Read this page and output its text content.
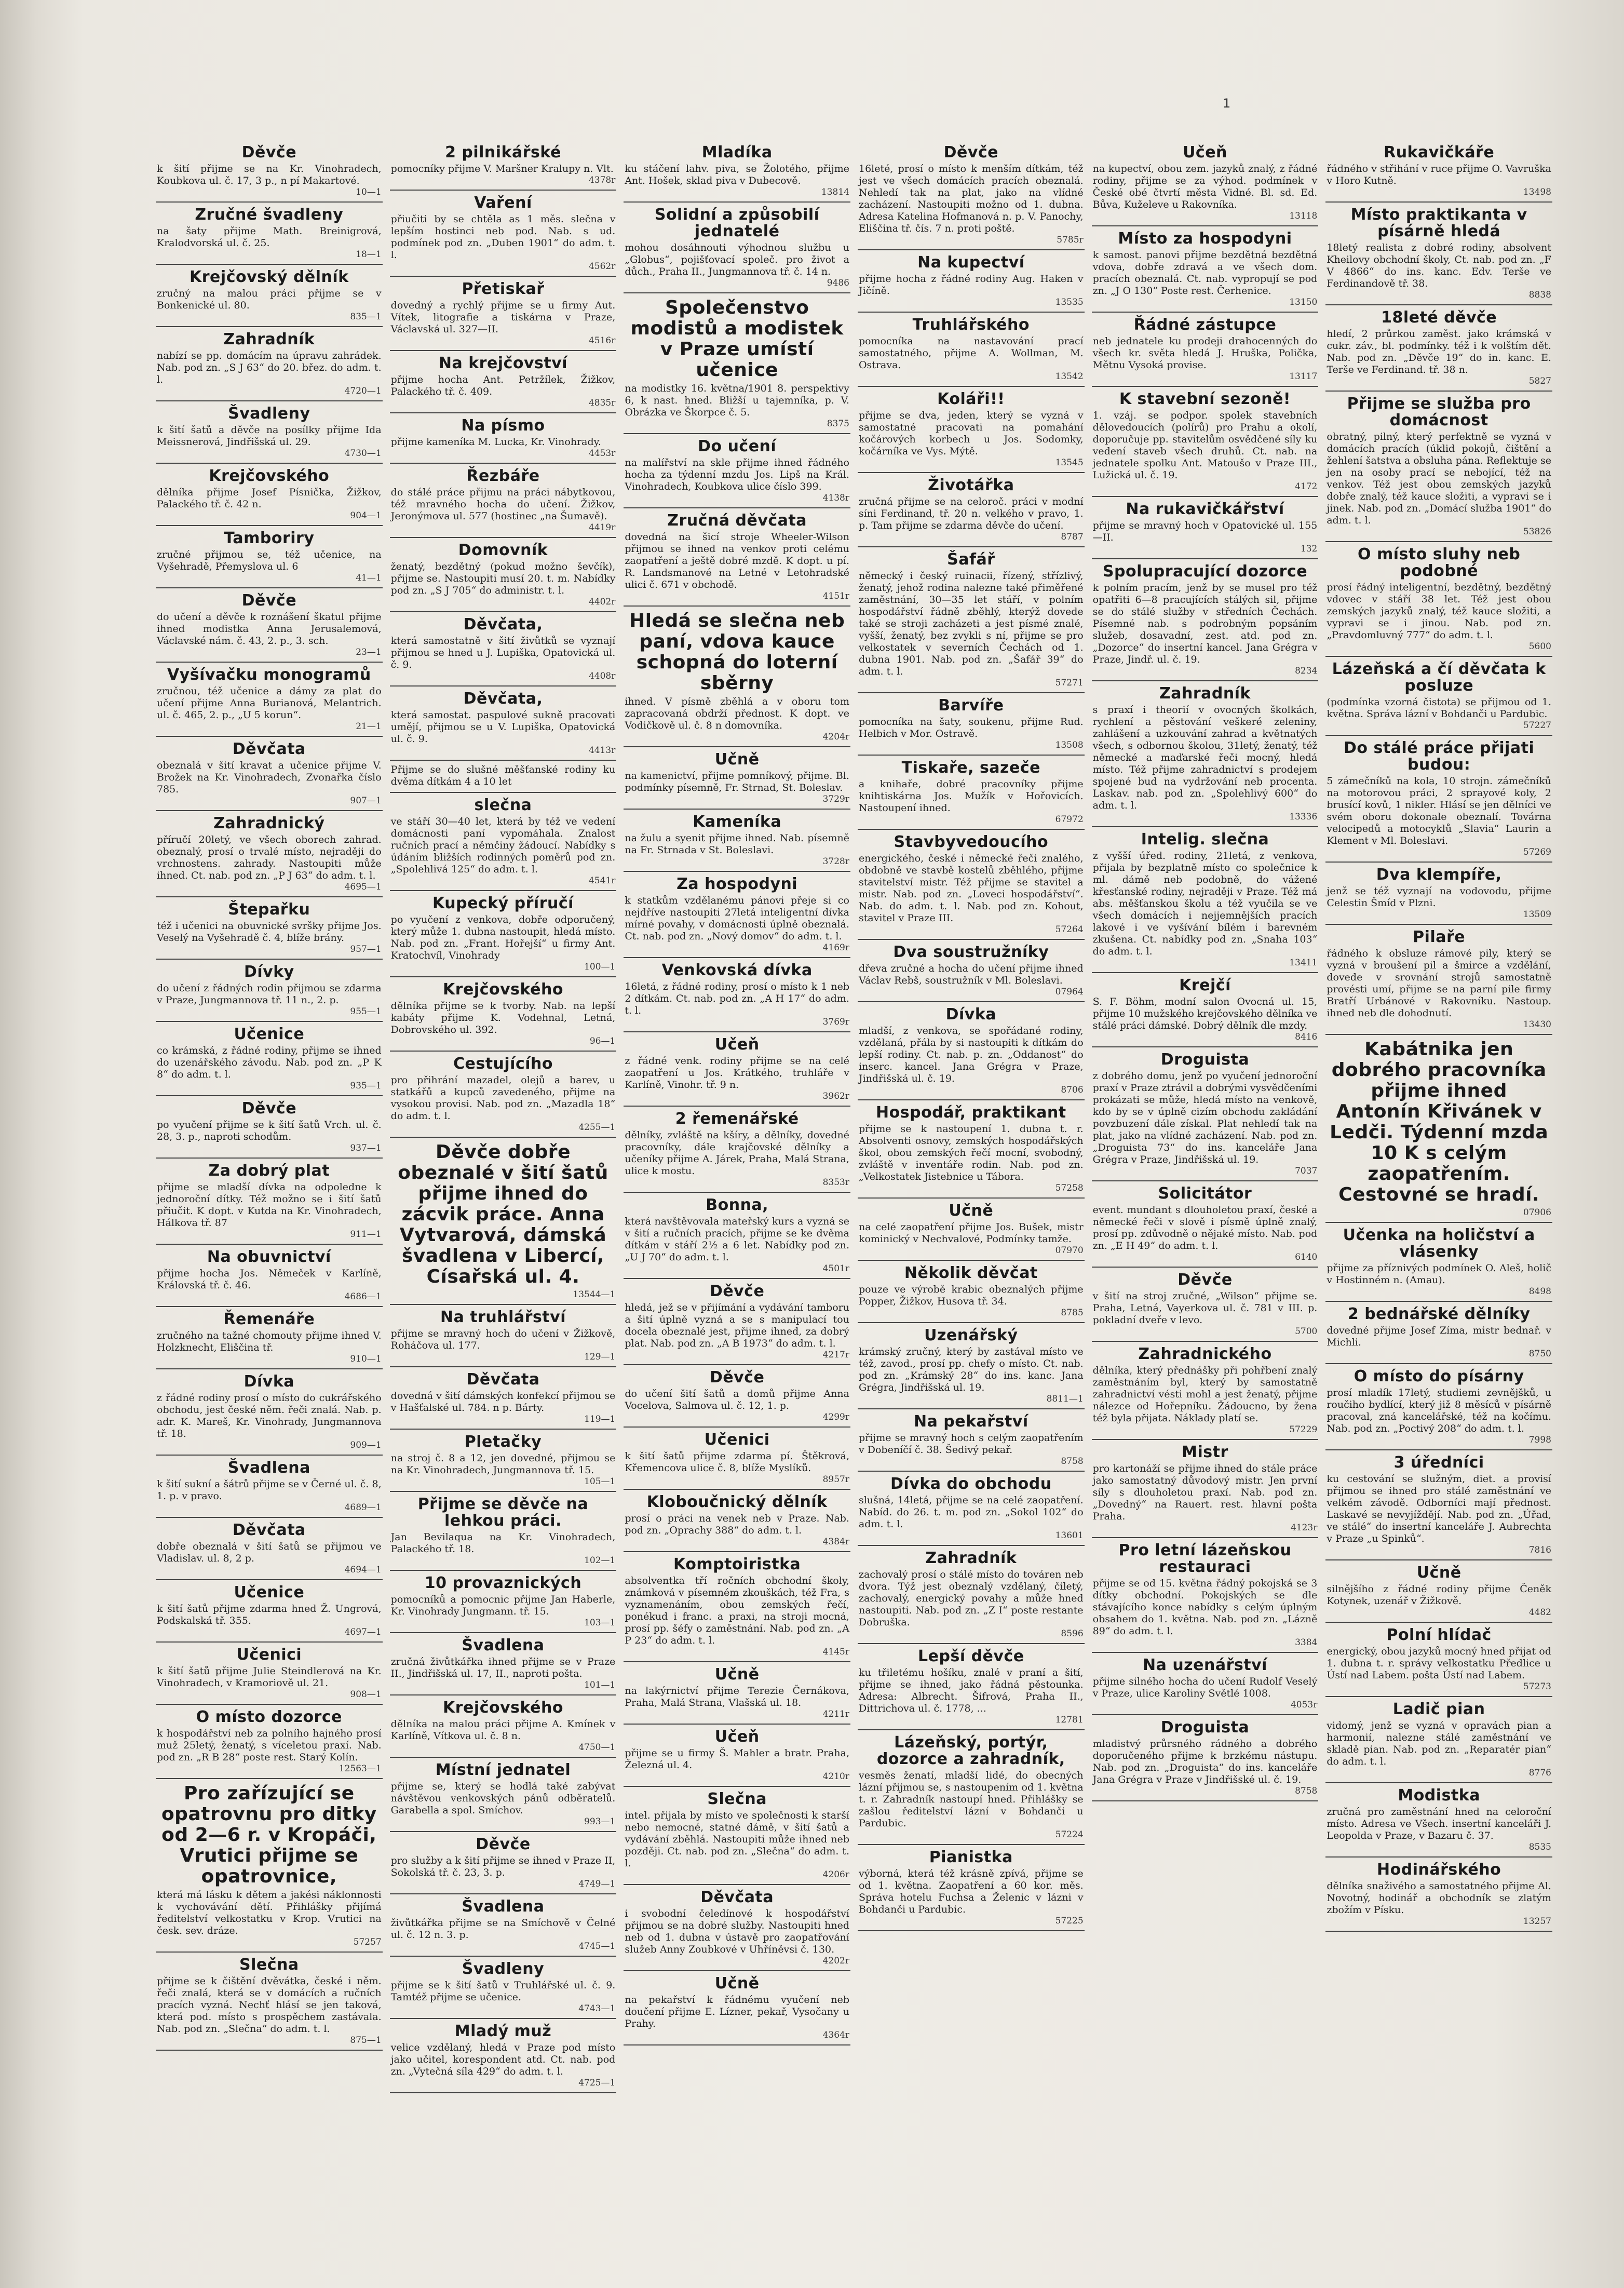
1
Děvče

k šití přijme se na Kr. Vinohradech, Koubkova ul. č. 17, 3 p., n pí Makartové.

10—1
Zručné švadleny

na šaty přijme Math. Breinigrová, Kralodvorská ul. č. 25.

18—1
Krejčovský dělník

zručný na malou práci přijme se v Bonkenické ul. 80.

835—1
Zahradník

nabízí se pp. domácím na úpravu zahrádek. Nab. pod zn. „S J 63“ do 20. břez. do adm. t. l.

4720—1
Švadleny

k šití šatů a děvče na posílky přijme Ida Meissnerová, Jindřišská ul. 29.

4730—1
Krejčovského

dělníka přijme Josef Písnička, Žižkov, Palackého tř. č. 42 n.

904—1
Tamboriry

zručné přijmou se, též učenice, na Vyšehradě, Přemyslova ul. 6

41—1
Děvče

do učení a děvče k roznášení škatul přijme ihned modistka Anna Jerusalemová, Václavské nám. č. 43, 2. p., 3. sch.

23—1
Vyšívačku monogramů

zručnou, též učenice a dámy za plat do učení přijme Anna Burianová, Melantrich. ul. č. 465, 2. p., „U 5 korun“.

21—1
Děvčata

obeznalá v šití kravat a učenice přijme V. Brožek na Kr. Vinohradech, Zvonařka číslo 785.

907—1
Zahradnický

příručí 20letý, ve všech oborech zahrad. obeznalý, prosí o trvalé místo, nejraději do vrchnostens. zahrady. Nastoupiti může ihned. Ct. nab. pod zn. „P J 63“ do adm. t. l.

4695—1
Štepařku

též i učenici na obuvnické svršky přijme Jos. Veselý na Vyšehradě č. 4, blíže brány.

957—1
Dívky

do učení z řádných rodin přijmou se zdarma v Praze, Jungmannova tř. 11 n., 2. p.

955—1
Učenice

co krámská, z řádné rodiny, přijme se ihned do uzenářského závodu. Nab. pod zn. „P K 8“ do adm. t. l.

935—1
Děvče

po vyučení přijme se k šití šatů Vrch. ul. č. 28, 3. p., naproti schodům.

937—1
Za dobrý plat

přijme se mladší dívka na odpoledne k jednoroční dítky. Též možno se i šití šatů přiučit. K dopt. v Kutda na Kr. Vinohradech, Hálkova tř. 87

911—1
Na obuvnictví

přijme hocha Jos. Němeček v Karlíně, Královská tř. č. 46.

4686—1
Řemenáře

zručného na tažné chomouty přijme ihned V. Holzknecht, Eliščina tř.

910—1
Dívka

z řádné rodiny prosí o místo do cukrářského obchodu, jest české něm. řeči znalá. Nab. p. adr. K. Mareš, Kr. Vinohrady, Jungmannova tř. 18.

909—1
Švadlena

k šití sukní a šátrů přijme se v Černé ul. č. 8, 1. p. v pravo.

4689—1
Děvčata

dobře obeznalá v šití šatů se přijmou ve Vladislav. ul. 8, 2 p.

4694—1
Učenice

k šití šatů přijme zdarma hned Ž. Ungrová, Podskalská tř. 355.

4697—1
Učenici

k šití šatů přijme Julie Steindlerová na Kr. Vinohradech, v Kramoriově ul. 21.

908—1
O místo dozorce

k hospodářství neb za polního hajného prosí muž 25letý, ženatý, s víceletou praxí. Nab. pod zn. „R B 28“ poste rest. Starý Kolín.

12563—1
Pro zařízující se opatrovnu pro ditky od 2—6 r. v Kropáči, Vrutici přijme se opatrovnice,

která má lásku k dětem a jakési náklonnosti k vychovávání dětí. Přihlášky přijímá ředitelství velkostatku v Krop. Vrutici na česk. sev. dráze.

57257
Slečna

přijme se k čištění dvěvátka, české i něm. řeči znalá, která se v domácích a ručních pracích vyzná. Nechť hlásí se jen taková, která pod. místo s prospěchem zastávala. Nab. pod zn. „Slečna“ do adm. t. l.

875—1
2 pilnikářské

pomocníky přijme V. Maršner Kralupy n. Vlt.

4378r
Vaření

přiučiti by se chtěla as 1 měs. slečna v lepším hostinci neb pod. Nab. s ud. podmínek pod zn. „Duben 1901“ do adm. t. l.

4562r
Přetiskař

dovedný a rychlý přijme se u firmy Aut. Vítek, litografie a tiskárna v Praze, Václavská ul. 327—II.

4516r
Na krejčovství

přijme hocha Ant. Petržílek, Žižkov, Palackého tř. č. 409.

4835r
Na písmo

přijme kameníka M. Lucka, Kr. Vinohrady.

4453r
Řezbáře

do stálé práce přijmu na práci nábytkovou, též mravného hocha do učení. Žižkov, Jeronýmova ul. 577 (hostinec „na Šumavě).

4419r
Domovník

ženatý, bezdětný (pokud možno ševčík), přijme se. Nastoupiti musí 20. t. m. Nabídky pod zn. „S J 705“ do administr. t. l.

4402r
Děvčata,

která samostatně v šití živůtků se vyznají přijmou se hned u J. Lupiška, Opatovická ul. č. 9.

4408r
Děvčata,

která samostat. paspulové sukně pracovati umějí, přijmou se u V. Lupiška, Opatovická ul. č. 9.

4413r

Přijme se do slušné měšťanské rodiny ku dvěma dítkám 4 a 10 let

slečna

ve stáří 30—40 let, která by též ve vedení domácnosti paní vypomáhala. Znalost ručních prací a němčiny žádoucí. Nabídky s údáním bližších rodinných poměrů pod zn. „Spolehlivá 125“ do adm. t. l.

4541r
Kupecký příručí

po vyučení z venkova, dobře odporučený, který může 1. dubna nastoupit, hledá místo. Nab. pod zn. „Frant. Hořejší“ u firmy Ant. Kratochvíl, Vinohrady

100—1
Krejčovského

dělníka přijme se k tvorby. Nab. na lepší kabáty přijme K. Vodehnal, Letná, Dobrovského ul. 392.

96—1
Cestujícího

pro přihrání mazadel, olejů a barev, u statkářů a kupců zavedeného, přijme na vysokou provisi. Nab. pod zn. „Mazadla 18“ do adm. t. l.

4255—1
Děvče dobře obeznalé v šití šatů přijme ihned do zácvik práce. Anna Vytvarová, dámská švadlena v Libercí, Císařská ul. 4.
13544—1
Na truhlářství

přijme se mravný hoch do učení v Žižkově, Roháčova ul. 177.

129—1
Děvčata

dovedná v šití dámských konfekcí přijmou se v Hašťalské ul. 784. n p. Bárty.

119—1
Pletačky

na stroj č. 8 a 12, jen dovedné, přijmou se na Kr. Vinohradech, Jungmannova tř. 15.

105—1
Přijme se děvče na lehkou práci.

Jan Bevilaqua na Kr. Vinohradech, Palackého tř. 18.

102—1
10 provaznických

pomocníků a pomocnic přijme Jan Haberle, Kr. Vinohrady Jungmann. tř. 15.

103—1
Švadlena

zručná živůtkářka ihned přijme se v Praze II., Jindřišská ul. 17, II., naproti pošta.

101—1
Krejčovského

dělníka na malou práci přijme A. Kmínek v Karlíně, Vítkova ul. č. 8 n.

4750—1
Místní jednatel

přijme se, který se hodlá také zabývat návštěvou venkovských pánů odběratelů. Garabella a spol. Smíchov.

993—1
Děvče

pro služby a k šití přijme se ihned v Praze II, Sokolská tř. č. 23, 3. p.

4749—1
Švadlena

živůtkářka přijme se na Smíchově v Čelné ul. č. 12 n. 3. p.

4745—1
Švadleny

přijme se k šití šatů v Truhlářské ul. č. 9. Tamtéž přijme se učenice.

4743—1
Mladý muž

velice vzdělaný, hledá v Praze pod místo jako učitel, korespondent atd. Ct. nab. pod zn. „Vytečná síla 429“ do adm. t. l.

4725—1
Mladíka

ku stáčení lahv. piva, se Žolotého, přijme Ant. Hošek, sklad piva v Dubecově.

13814
Solidní a způsobilí jednatelé

mohou dosáhnouti výhodnou službu u „Globus“, pojišťovací společ. pro život a důch., Praha II., Jungmannova tř. č. 14 n.

9486
Společenstvo modistů a modistek v Praze umístí učenice

na modistky 16. května/1901 8. perspektivy 6, k nast. hned. Bližší u tajemníka, p. V. Obrázka ve Škorpce č. 5.

8375
Do učení

na malířství na skle přijme ihned řádného hocha za týdenní mzdu Jos. Lipš na Král. Vinohradech, Koubkova ulice číslo 399.

4138r
Zručná děvčata

dovedná na šicí stroje Wheeler-Wilson přijmou se ihned na venkov proti celému zaopatření a ještě dobré mzdě. K dopt. u pí. R. Landsmanové na Letné v Letohradské ulici č. 671 v obchodě.

4151r
Hledá se slečna neb paní, vdova kauce schopná do loterní sběrny

ihned. V písmě zběhlá a v oboru tom zapracovaná obdrží přednost. K dopt. ve Vodičkově ul. č. 8 n domovníka.

4204r
Učně

na kamenictví, přijme pomníkový, přijme. Bl. podmínky písemně, Fr. Strnad, St. Boleslav.

3729r
Kameníka

na žulu a syenit přijme ihned. Nab. písemně na Fr. Strnada v St. Boleslavi.

3728r
Za hospodyni

k statkům vzdělanému pánovi přeje si co nejdříve nastoupiti 27letá inteligentní dívka mírné povahy, v domácnosti úplně obeznalá. Ct. nab. pod zn. „Nový domov“ do adm. t. l.

4169r
Venkovská dívka

16letá, z řádné rodiny, prosí o místo k 1 neb 2 dítkám. Ct. nab. pod zn. „A H 17“ do adm. t. l.

3769r
Učeň

z řádné venk. rodiny přijme se na celé zaopatření u Jos. Krátkého, truhláře v Karlíně, Vinohr. tř. 9 n.

3962r
2 řemenářské

dělníky, zvláště na kšíry, a dělníky, dovedné pracovníky, dále krajčovské dělníky a učeníky přijme A. Járek, Praha, Malá Strana, ulice k mostu.

8353r
Bonna,

která navštěvovala mateřský kurs a vyzná se v šití a ručních pracích, přijme se ke dvěma dítkám v stáří 2½ a 6 let. Nabídky pod zn. „U J 70“ do adm. t. l.

4501r
Děvče

hledá, jež se v přijímání a vydávání tamboru a šití úplně vyzná a se s manipulací tou docela obeznalé jest, přijme ihned, za dobrý plat. Nab. pod zn. „A B 1973“ do adm. t. l.

4217r
Děvče

do učení šití šatů a domů přijme Anna Vocelova, Salmova ul. č. 12, 1. p.

4299r
Učenici

k šití šatů přijme zdarma pí. Štěkrová, Křemencova ulice č. 8, blíže Myslíků.

8957r
Kloboučnický dělník

prosí o práci na venek neb v Praze. Nab. pod zn. „Oprachy 388“ do adm. t. l.

4384r
Komptoiristka

absolventka tří ročních obchodní školy, známková v písemném zkouškách, též Fra, s vyznamenáním, obou zemských řečí, ponékud i franc. a praxi, na stroji mocná, prosí pp. šéfy o zaměstnání. Nab. pod zn. „A P 23“ do adm. t. l.

4145r
Učně

na lakýrnictví přijme Terezie Černákova, Praha, Malá Strana, Vlašská ul. 18.

4211r
Učeň

přijme se u firmy Š. Mahler a bratr. Praha, Železná ul. 4.

4210r
Slečna

intel. přijala by místo ve společnosti k starší nebo nemocné, statné dámě, v šití šatů a vydávání zběhlá. Nastoupiti může ihned neb později. Ct. nab. pod zn. „Slečna“ do adm. t. l.

4206r
Děvčata

i svobodní čeledínové k hospodářství přijmou se na dobré služby. Nastoupiti hned neb od 1. dubna v ústavě pro zaopatřování služeb Anny Zoubkové v Uhříněvsi č. 130.

4202r
Učně

na pekařství k řádnému vyučení neb doučení přijme E. Lízner, pekař, Vysočany u Prahy.

4364r
Děvče

16leté, prosí o místo k menším dítkám, též jest ve všech domácích pracích obeznalá. Nehledí tak na plat, jako na vlídné zacházení. Nastoupiti možno od 1. dubna. Adresa Katelina Hofmanová n. p. V. Panochy, Eliščina tř. čís. 7 n. proti poště.

5785r
Na kupectví

přijme hocha z řádné rodiny Aug. Haken v Jičíně.

13535
Truhlářského

pomocníka na nastavování prací samostatného, přijme A. Wollman, M. Ostrava.

13542
Koláři!!

přijme se dva, jeden, který se vyzná v samostatné pracovati na pomahání kočárových korbech u Jos. Sodomky, kočárníka ve Vys. Mýtě.

13545
Životářka

zručná přijme se na celoroč. práci v modní síni Ferdinand, tř. 20 n. velkého v pravo, 1. p. Tam přijme se zdarma děvče do učení.

8787
Šafář

německý i český ruinacii, řízený, střízlivý, ženatý, jehož rodina nalezne také přiměřené zaměstnání, 30—35 let stáří, v polním hospodářství řádně zběhlý, kterýž dovede také se stroji zacházeti a jest písmé znalé, vyšší, ženatý, bez zvykli s ní, přijme se pro velkostatek v severních Čechách od 1. dubna 1901. Nab. pod zn. „Šafář 39“ do adm. t. l.

57271
Barvíře

pomocníka na šaty, soukenu, přijme Rud. Helbich v Mor. Ostravě.

13508
Tiskaře, sazeče

a knihaře, dobré pracovníky přijme knihtiskárna Jos. Mužík v Hořovicích. Nastoupení ihned.

67972
Stavbyvedoucího

energického, české i německé řeči znalého, obdobně ve stavbě kostelů zběhlého, přijme stavitelství mistr. Též přijme se stavitel a mistr. Nab. pod zn. „Loveci hospodářství“. Nab. do adm. t. l. Nab. pod zn. Kohout, stavitel v Praze III.

57264
Dva soustružníky

dřeva zručné a hocha do učení přijme ihned Václav Rebš, soustružník v Ml. Boleslavi.

07964
Dívka

mladší, z venkova, se spořádané rodiny, vzdělaná, přála by si nastoupiti k dítkám do lepší rodiny. Ct. nab. p. zn. „Oddanost“ do inserc. kancel. Jana Grégra v Praze, Jindřišská ul. č. 19.

8706
Hospodář, praktikant

přijme se k nastoupení 1. dubna t. r. Absolventi osnovy, zemských hospodářských škol, obou zemských řečí mocní, svobodný, zvláště v inventáře rodin. Nab. pod zn. „Velkostatek Jistebnice u Tábora.

57258
Učně

na celé zaopatření přijme Jos. Bušek, mistr kominický v Nechvalové, Podmínky tamže.

07970
Několik děvčat

pouze ve výrobě krabic obeznalých přijme Popper, Žižkov, Husova tř. 34.

8785
Uzenářský

krámský zručný, který by zastával místo ve též, zavod., prosí pp. chefy o místo. Ct. nab. pod zn. „Krámský 28“ do ins. kanc. Jana Grégra, Jindřišská ul. 19.

8811—1
Na pekařství

přijme se mravný hoch s celým zaopatřením v Dobeníčí č. 38. Šedivý pekař.

8758
Dívka do obchodu

slušná, 14letá, přijme se na celé zaopatření. Nabíd. do 26. t. m. pod zn. „Sokol 102“ do adm. t. l.

13601
Zahradník

zachovalý prosí o stálé místo do továren neb dvora. Týž jest obeznalý vzdělaný, čiletý, zachovalý, energický povahy a může hned nastoupiti. Nab. pod zn. „Z I“ poste restante Dobruška.

8596
Lepší děvče

ku třiletému hošíku, znalé v praní a šití, přijme se ihned, jako řádná pěstounka. Adresa: Albrecht. Šifrová, Praha II., Dittrichova ul. č. 1778, ...

12781
Lázeňský, portýr, dozorce a zahradník,

vesměs ženatí, mladší lidé, do obecných lázní přijmou se, s nastoupením od 1. května t. r. Zahradník nastoupí hned. Přihlášky se zašlou ředitelství lázní v Bohdanči u Pardubic.

57224
Pianistka

výborná, která též krásně zpívá, přijme se od 1. května. Zaopatření a 60 kor. měs. Správa hotelu Fuchsa a Želenic v lázni v Bohdanči u Pardubic.

57225
Učeň

na kupectví, obou zem. jazyků znalý, z řádné rodiny, přijme se za výhod. podmínek v České obé čtvrtí města Vidné. Bl. sd. Ed. Bůva, Kuželeve u Rakovníka.

13118
Místo za hospodyni

k samost. panovi přijme bezdětná bezdětná vdova, dobře zdravá a ve všech dom. pracích obeznalá. Ct. nab. vypropují se pod zn. „J O 130“ Poste rest. Čerhenice.

13150
Řádné zástupce

neb jednatele ku prodeji drahocenných do všech kr. světa hledá J. Hruška, Polička, Mětnu Vysoká provise.

13117
K stavební sezoně!

1. vzáj. se podpor. spolek stavebních dělovedoucích (polírů) pro Prahu a okolí, doporučuje pp. stavitelům osvědčené síly ku vedení staveb všech druhů. Ct. nab. na jednatele spolku Ant. Matoušo v Praze III., Lužická ul. č. 19.

4172
Na rukavičkářství

přijme se mravný hoch v Opatovické ul. 155—II.

132
Spolupracující dozorce

k polním pracím, jenž by se musel pro též opatřiti 6—8 pracujících stálých sil, přijme se do stálé služby v středních Čechách. Písemné nab. s podrobným popsáním služeb, dosavadní, zest. atd. pod zn. „Dozorce“ do insertní kancel. Jana Grégra v Praze, Jindř. ul. č. 19.

8234
Zahradník

s praxí i theorií v ovocných školkách, rychlení a pěstování veškeré zeleniny, zahlášení a uzkouvání zahrad a květnatých všech, s odbornou školou, 31letý, ženatý, též německé a maďarské řeči mocný, hledá místo. Též přijme zahradnictví s prodejem spojené bud na vydržování neb procenta. Laskav. nab. pod zn. „Spolehlivý 600“ do adm. t. l.

13336
Intelig. slečna

z vyšší úřed. rodiny, 21letá, z venkova, přijala by bezplatně místo co společnice k ml. dámě neb podobně, do vážené křesťanské rodiny, nejraději v Praze. Též má abs. měšťanskou školu a též vyučila se ve všech domácích i nejjemnějších pracích lakové i ve vyšívání bílém i barevném zkušena. Ct. nabídky pod zn. „Snaha 103“ do adm. t. l.

13411
Krejčí

S. F. Böhm, modní salon Ovocná ul. 15, přijme 10 mužského krejčovského dělníka ve stálé práci dámské. Dobrý dělník dle mzdy.

8416
Droguista

z dobrého domu, jenž po vyučení jednoroční praxí v Praze ztrávil a dobrými vysvědčeními prokázati se může, hledá místo na venkově, kdo by se v úplně cizím obchodu zakládání povzbuzení dále získal. Plat nehledí tak na plat, jako na vlídné zacházení. Nab. pod zn. „Droguista 73“ do ins. kanceláře Jana Grégra v Praze, Jindřišská ul. 19.

7037
Solicitátor

event. mundant s dlouholetou praxí, české a německé řeči v slově i písmě úplně znalý, prosí pp. zdůvodně o nějaké místo. Nab. pod zn. „E H 49“ do adm. t. l.

6140
Děvče

v šití na stroj zručné, „Wilson“ přijme se. Praha, Letná, Vayerkova ul. č. 781 v III. p. pokladní dveře v levo.

5700
Zahradnického

dělníka, který přednášky při pohřbení znalý zaměstnáním byl, který by samostatně zahradnictví vésti mohl a jest ženatý, přijme nálezce od Hořepníku. Žádoucno, by žena též byla přijata. Náklady platí se.

57229
Mistr

pro kartonáží se přijme ihned do stále práce jako samostatný důvodový mistr. Jen první síly s dlouholetou praxí. Nab. pod zn. „Dovedný“ na Rauert. rest. hlavní pošta Praha.

4123r
Pro letní lázeňskou restauraci

přijme se od 15. května řádný pokojská se 3 dítky obchodní. Pokojských se dle stávajícího konce nabídky s celým úplným obsahem do 1. května. Nab. pod zn. „Lázně 89“ do adm. t. l.

3384
Na uzenářství

přijme silného hocha do učení Rudolf Veselý v Praze, ulice Karoliny Světlé 1008.

4053r
Droguista

mladistvý průrsného rádného a dobrého doporučeného přijme k brzkému nástupu. Nab. pod zn. „Droguista“ do ins. kanceláře Jana Grégra v Praze v Jindřišské ul. č. 19.

8758
Rukavičkáře

řádného v střihání v ruce přijme O. Vavruška v Horo Kutně.

13498
Místo praktikanta v písárně hledá

18letý realista z dobré rodiny, absolvent Kheilovy obchodní školy, Ct. nab. pod zn. „F V 4866“ do ins. kanc. Edv. Terše ve Ferdinandově tř. 38.

8838
18leté děvče

hledí, 2 průrkou zaměst. jako krámská v cukr. záv., bl. podmínky. též i k volštím dět. Nab. pod zn. „Děvče 19“ do in. kanc. E. Terše ve Ferdinand. tř. 38 n.

5827
Přijme se služba pro domácnost

obratný, pilný, který perfektně se vyzná v domácích pracích (úklid pokojů, čištění a žehlení šatstva a obsluha pána. Reflektuje se jen na osoby prací se nebojící, též na venkov. Též jest obou zemských jazyků dobře znalý, též kauce složiti, a vypravi se i jinek. Nab. pod zn. „Domácí služba 1901“ do adm. t. l.

53826
O místo sluhy neb podobné

prosí řádný inteligentní, bezdětný, bezdětný vdovec v stáří 38 let. Též jest obou zemských jazyků znalý, též kauce složiti, a vypravi se i jinou. Nab. pod zn. „Pravdomluvný 777“ do adm. t. l.

5600
Lázeňská a čí děvčata k posluze

(podmínka vzorná čistota) se přijmou od 1. května. Správa lázní v Bohdanči u Pardubic.

57227
Do stálé práce přijati budou:

5 zámečníků na kola, 10 strojn. zámečníků na motorovou práci, 2 sprayové koly, 2 brusící kovů, 1 nikler. Hlásí se jen dělníci ve svém oboru dokonale obeznalí. Továrna velocipedů a motocyklů „Slavia“ Laurin a Klement v Ml. Boleslavi.

57269
Dva klempíře,

jenž se též vyznají na vodovodu, přijme Celestin Šmíd v Plzni.

13509
Pilaře

řádného k obsluze rámové pily, který se vyzná v broušení pil a šmirce a vzdělání, dovede v srovnání strojů samostatně provésti umí, přijme se na parní pile firmy Bratří Urbánové v Rakovníku. Nastoup. ihned neb dle dohodnutí.

13430
Kabátnika jen dobrého pracovníka přijme ihned Antonín Křivánek v Ledči. Týdenní mzda 10 K s celým zaopatřením. Cestovné se hradí.
07906
Učenka na holičství a vlásenky

přijme za příznivých podmínek O. Aleš, holič v Hostinném n. (Amau).

8498
2 bednářské dělníky

dovedné přijme Josef Zíma, mistr bednař. v Michli.

8750
O místo do písárny

prosí mladík 17letý, studiemi zevnějšků, u roučiho bydlící, který již 8 měsíců v písárně pracoval, zná kancelářské, též na kočímu. Nab. pod zn. „Poctivý 208“ do adm. t. l.

7998
3 úředníci

ku cestování se služným, diet. a provisí přijmou se ihned pro stálé zaměstnání ve velkém závodě. Odborníci mají přednost. Laskavé se nevyjíždějí. Nab. pod zn. „Úřad, ve stálé“ do insertní kanceláře J. Aubrechta v Praze „u Spinků“.

7816
Učně

silnějšího z řádné rodiny přijme Čeněk Kotynek, uzenář v Žižkově.

4482
Polní hlídač

energický, obou jazyků mocný hned přijat od 1. dubna t. r. správy velkostatku Předlice u Ústí nad Labem. pošta Ústí nad Labem.

57273
Ladič pian

vidomý, jenž se vyzná v opravách pian a harmonií, nalezne stálé zaměstnání ve skladě pian. Nab. pod zn. „Reparatér pian“ do adm. t. l.

8776
Modistka

zručná pro zaměstnání hned na celoroční místo. Adresa ve Všech. insertní kanceláři J. Leopolda v Praze, v Bazaru č. 37.

8535
Hodinářského

dělníka snaživého a samostatného přijme Al. Novotný, hodinář a obchodník se zlatým zbožím v Písku.

13257
